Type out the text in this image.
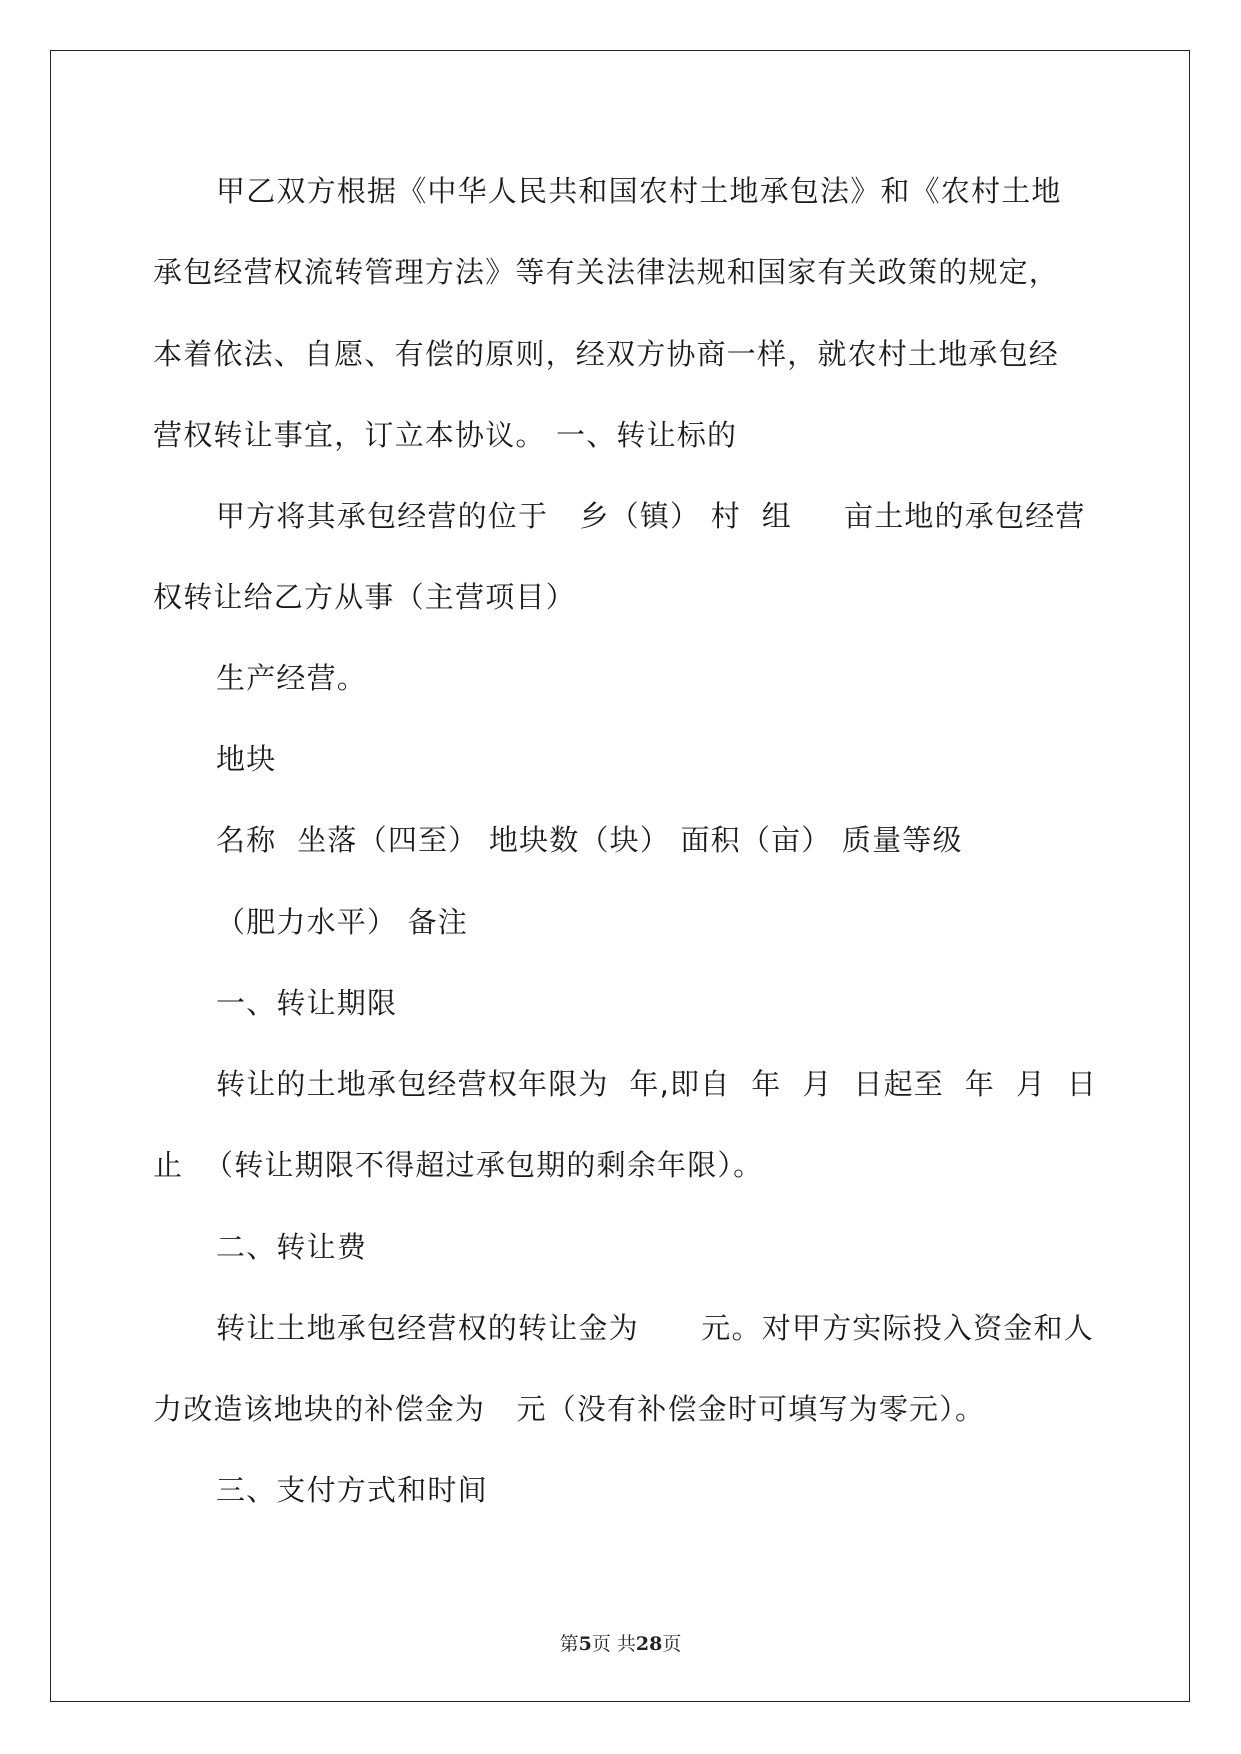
甲乙双方根据《中华人民共和国农村土地承包法》和《农村土地
承包经营权流转管理方法》等有关法律法规和国家有关政策的规定，
本着依法、自愿、有偿的原则，经双方协商一样，就农村土地承包经
营权转让事宜，订立本协议。 一、转让标的
甲方将其承包经营的位于   乡（镇） 村  组     亩土地的承包经营
权转让给乙方从事（主营项目）
生产经营。
地块
名称  坐落（四至） 地块数（块） 面积（亩） 质量等级
（肥力水平） 备注
一、转让期限
转让的土地承包经营权年限为  年,即自  年  月  日起至  年  月  日
止  （转让期限不得超过承包期的剩余年限）。
二、转让费
转让土地承包经营权的转让金为      元。对甲方实际投入资金和人
力改造该地块的补偿金为   元（没有补偿金时可填写为零元）。
三、支付方式和时间
第5页 共28页
